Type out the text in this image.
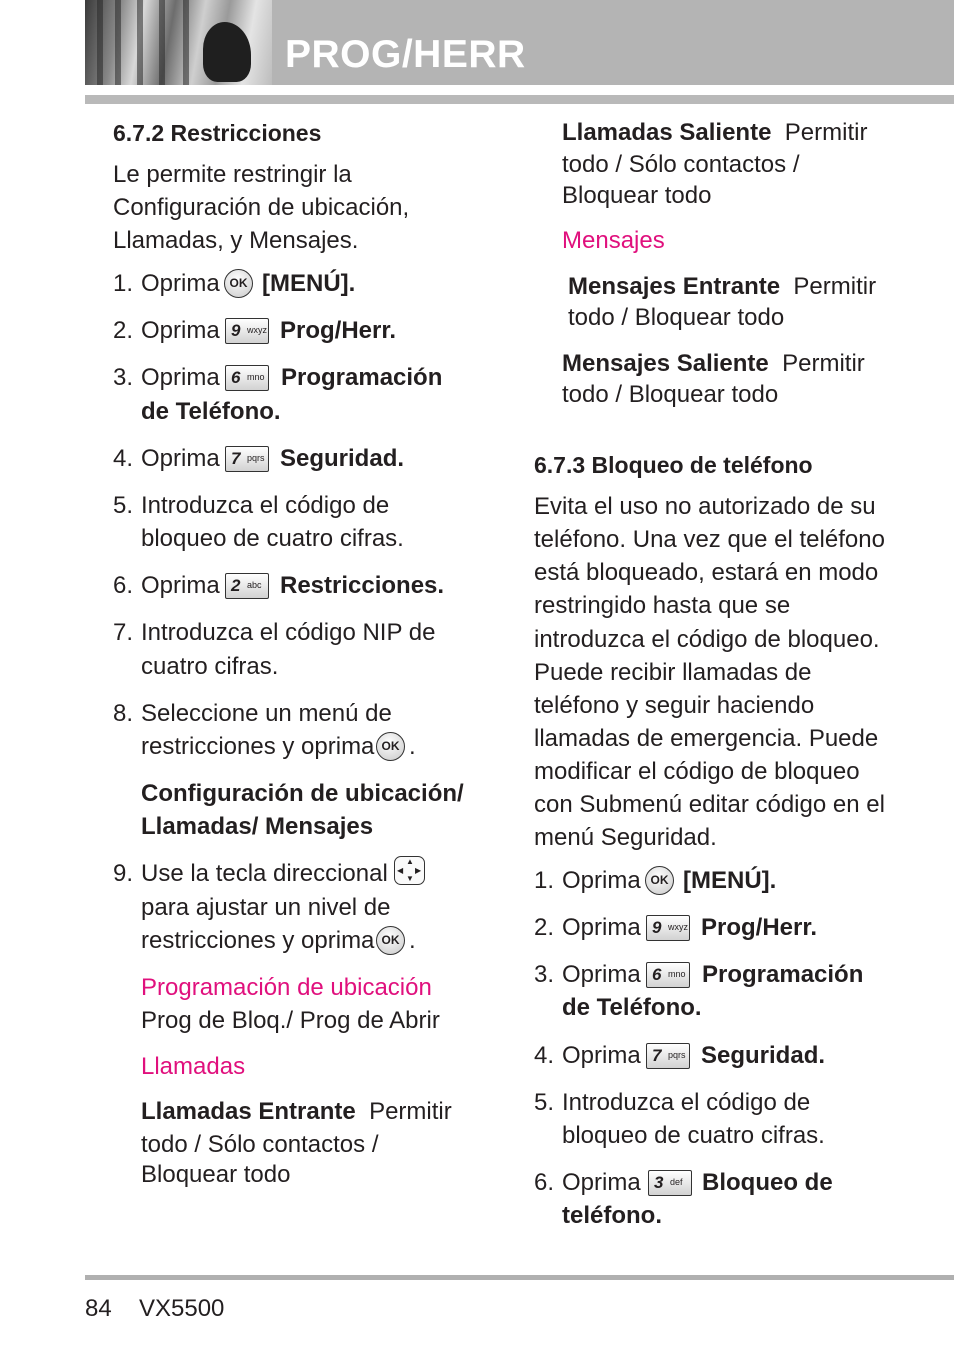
PROG/HERR
6.7.2 Restricciones
Le permite restringir la
Configuración de ubicación,
Llamadas, y Mensajes.
1. Oprima OK [MENÚ].
2. Oprima 9 wxyz Prog/Herr.
3. Oprima 6 mno Programación
de Teléfono.
4. Oprima 7 pqrs Seguridad.
5. Introduzca el código de
bloqueo de cuatro cifras.
6. Oprima 2 abc Restricciones.
7. Introduzca el código NIP de
cuatro cifras.
8. Seleccione un menú de
restricciones y oprima OK .
Configuración de ubicación/
Llamadas/ Mensajes
9. Use la tecla direccional ▲
▼
◀ ▶
para ajustar un nivel de
restricciones y oprima OK .
Programación de ubicación
Prog de Bloq./ Prog de Abrir
Llamadas
Llamadas Entrante Permitir
todo / Sólo contactos /
Bloquear todo
Llamadas Saliente Permitir
todo / Sólo contactos /
Bloquear todo
Mensajes
Mensajes Entrante Permitir
todo / Bloquear todo
Mensajes Saliente Permitir
todo / Bloquear todo
6.7.3 Bloqueo de teléfono
Evita el uso no autorizado de su
teléfono. Una vez que el teléfono
está bloqueado, estará en modo
restringido hasta que se
introduzca el código de bloqueo.
Puede recibir llamadas de
teléfono y seguir haciendo
llamadas de emergencia. Puede
modificar el código de bloqueo
con Submenú editar código en el
menú Seguridad.
1. Oprima OK [MENÚ].
2. Oprima 9 wxyz Prog/Herr.
3. Oprima 6 mno Programación
de Teléfono.
4. Oprima 7 pqrs Seguridad.
5. Introduzca el código de
bloqueo de cuatro cifras.
6. Oprima 3 def Bloqueo de
teléfono.
84 VX5500
